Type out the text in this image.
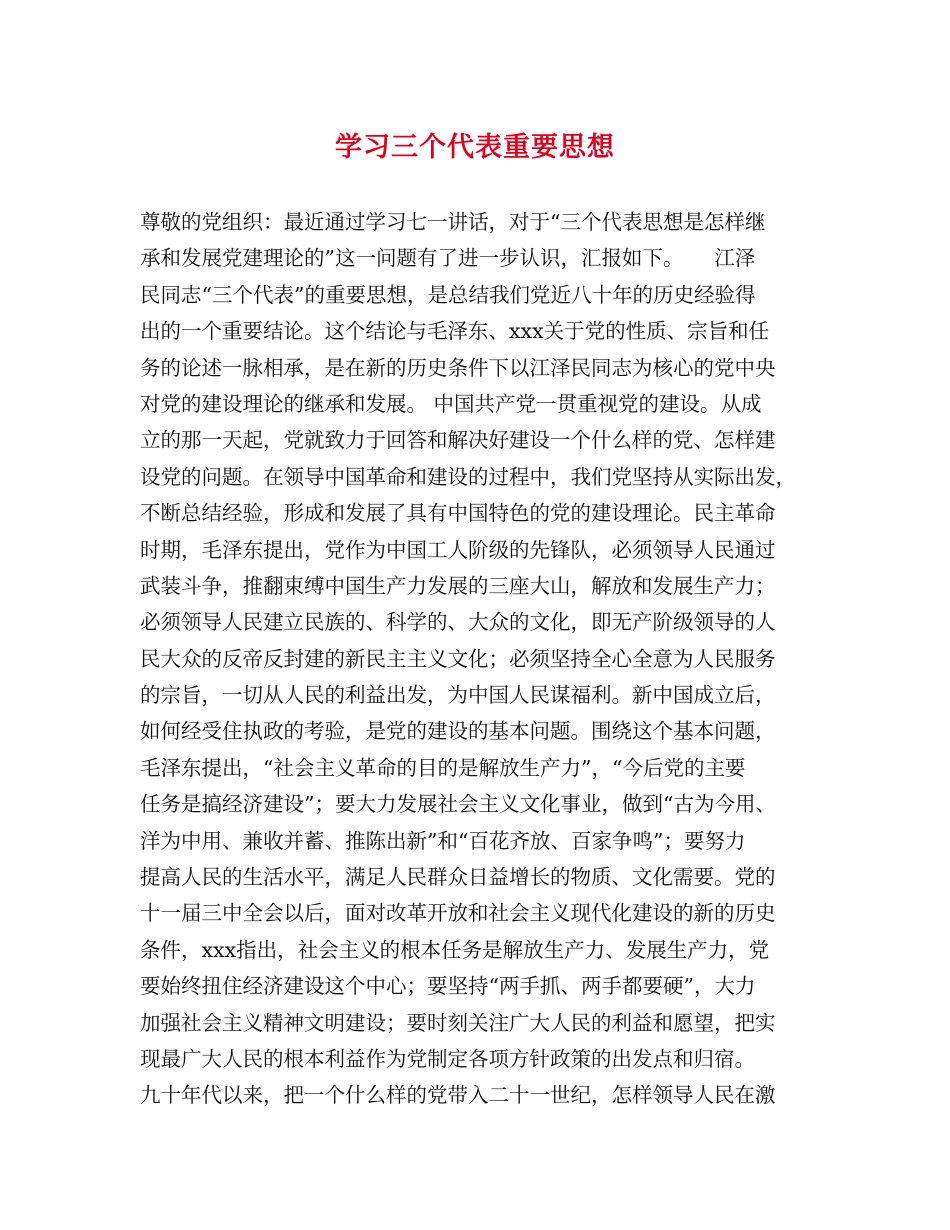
学习三个代表重要思想
尊敬的党组织：最近通过学习七一讲话，对于“三个代表思想是怎样继
承和发展党建理论的”这一问题有了进一步认识，汇报如下。　　江泽
民同志“三个代表”的重要思想，是总结我们党近八十年的历史经验得
出的一个重要结论。这个结论与毛泽东、xxx关于党的性质、宗旨和任
务的论述一脉相承，是在新的历史条件下以江泽民同志为核心的党中央
对党的建设理论的继承和发展。 中国共产党一贯重视党的建设。从成
立的那一天起，党就致力于回答和解决好建设一个什么样的党、怎样建
设党的问题。在领导中国革命和建设的过程中，我们党坚持从实际出发，
不断总结经验，形成和发展了具有中国特色的党的建设理论。民主革命
时期，毛泽东提出，党作为中国工人阶级的先锋队，必须领导人民通过
武装斗争，推翻束缚中国生产力发展的三座大山，解放和发展生产力；
必须领导人民建立民族的、科学的、大众的文化，即无产阶级领导的人
民大众的反帝反封建的新民主主义文化；必须坚持全心全意为人民服务
的宗旨，一切从人民的利益出发，为中国人民谋福利。新中国成立后，
如何经受住执政的考验，是党的建设的基本问题。围绕这个基本问题，
毛泽东提出，“社会主义革命的目的是解放生产力”，“今后党的主要
任务是搞经济建设”；要大力发展社会主义文化事业，做到“古为今用、
洋为中用、兼收并蓄、推陈出新”和“百花齐放、百家争鸣”；要努力
提高人民的生活水平，满足人民群众日益增长的物质、文化需要。党的
十一届三中全会以后，面对改革开放和社会主义现代化建设的新的历史
条件，xxx指出，社会主义的根本任务是解放生产力、发展生产力，党
要始终扭住经济建设这个中心；要坚持“两手抓、两手都要硬”，大力
加强社会主义精神文明建设；要时刻关注广大人民的利益和愿望，把实
现最广大人民的根本利益作为党制定各项方针政策的出发点和归宿。
九十年代以来，把一个什么样的党带入二十一世纪，怎样领导人民在激
